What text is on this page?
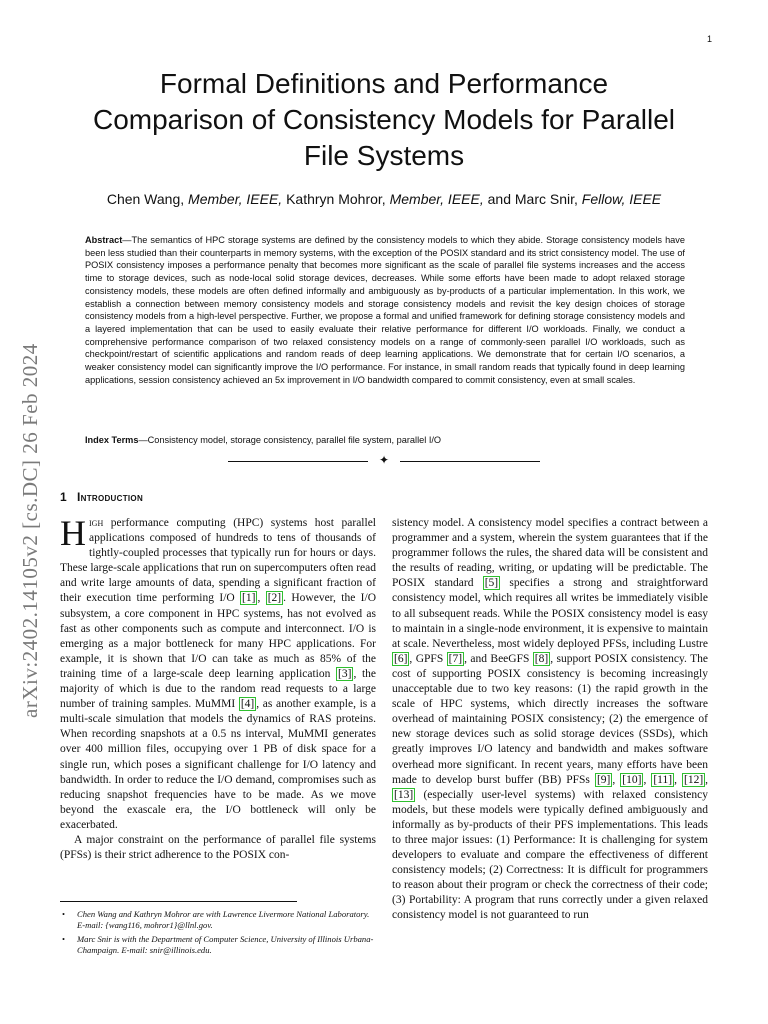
1
Formal Definitions and Performance
Comparison of Consistency Models for Parallel
File Systems
Chen Wang, Member, IEEE, Kathryn Mohror, Member, IEEE, and Marc Snir, Fellow, IEEE
Abstract—The semantics of HPC storage systems are defined by the consistency models to which they abide. Storage consistency models have been less studied than their counterparts in memory systems, with the exception of the POSIX standard and its strict consistency model. The use of POSIX consistency imposes a performance penalty that becomes more significant as the scale of parallel file systems increases and the access time to storage devices, such as node-local solid storage devices, decreases. While some efforts have been made to adopt relaxed storage consistency models, these models are often defined informally and ambiguously as by-products of a particular implementation. In this work, we establish a connection between memory consistency models and storage consistency models and revisit the key design choices of storage consistency models from a high-level perspective. Further, we propose a formal and unified framework for defining storage consistency models and a layered implementation that can be used to easily evaluate their relative performance for different I/O workloads. Finally, we conduct a comprehensive performance comparison of two relaxed consistency models on a range of commonly-seen parallel I/O workloads, such as checkpoint/restart of scientific applications and random reads of deep learning applications. We demonstrate that for certain I/O scenarios, a weaker consistency model can significantly improve the I/O performance. For instance, in small random reads that typically found in deep learning applications, session consistency achieved an 5x improvement in I/O bandwidth compared to commit consistency, even at small scales.
Index Terms—Consistency model, storage consistency, parallel file system, parallel I/O
✦
1 Introduction

High performance computing (HPC) systems host parallel applications composed of hundreds to tens of thousands of tightly-coupled processes that typically run for hours or days. These large-scale applications that run on supercomputers often read and write large amounts of data, spending a significant fraction of their execution time performing I/O [1] , [2] . However, the I/O subsystem, a core component in HPC systems, has not evolved as fast as other components such as compute and interconnect. I/O is emerging as a major bottleneck for many HPC applications. For example, it is shown that I/O can take as much as 85% of the training time of a large-scale deep learning application [3] , the majority of which is due to the random read requests to a large number of training samples. MuMMI [4] , as another example, is a multi-scale simulation that models the dynamics of RAS proteins. When recording snapshots at a 0.5 ns interval, MuMMI generates over 400 million files, occupying over 1 PB of disk space for a single run, which poses a significant challenge for I/O latency and bandwidth. In order to reduce the I/O demand, compromises such as reducing snapshot frequencies have to be made. As we move beyond the exascale era, the I/O bottleneck will only be exacerbated.

A major constraint on the performance of parallel file systems (PFSs) is their strict adherence to the POSIX con-

sistency model. A consistency model specifies a contract between a programmer and a system, wherein the system guarantees that if the programmer follows the rules, the shared data will be consistent and the results of reading, writing, or updating will be predictable. The POSIX standard [5] specifies a strong and straightforward consistency model, which requires all writes be immediately visible to all subsequent reads. While the POSIX consistency model is easy to maintain in a single-node environment, it is expensive to maintain at scale. Nevertheless, most widely deployed PFSs, including Lustre [6] , GPFS [7] , and BeeGFS [8] , support POSIX consistency. The cost of supporting POSIX consistency is becoming increasingly unacceptable due to two key reasons: (1) the rapid growth in the scale of HPC systems, which directly increases the software overhead of maintaining POSIX consistency; (2) the emergence of new storage devices such as solid storage devices (SSDs), which greatly improves I/O latency and bandwidth and makes software overhead more significant. In recent years, many efforts have been made to develop burst buffer (BB) PFSs [9] , [10] , [11] , [12] , [13] (especially user-level systems) with relaxed consistency models, but these models were typically defined ambiguously and informally as by-products of their PFS implementations. This leads to three major issues: (1) Performance: It is challenging for system developers to evaluate and compare the effectiveness of different consistency models; (2) Correctness: It is difficult for programmers to reason about their program or check the correctness of their code; (3) Portability: A program that runs correctly under a given relaxed consistency model is not guaranteed to run

• Chen Wang and Kathryn Mohror are with Lawrence Livermore National Laboratory. E-mail: {wang116, mohror1}@llnl.gov.
• Marc Snir is with the Department of Computer Science, University of Illinois Urbana-Champaign. E-mail: snir@illinois.edu.
arXiv:2402.14105v2 [cs.DC] 26 Feb 2024
